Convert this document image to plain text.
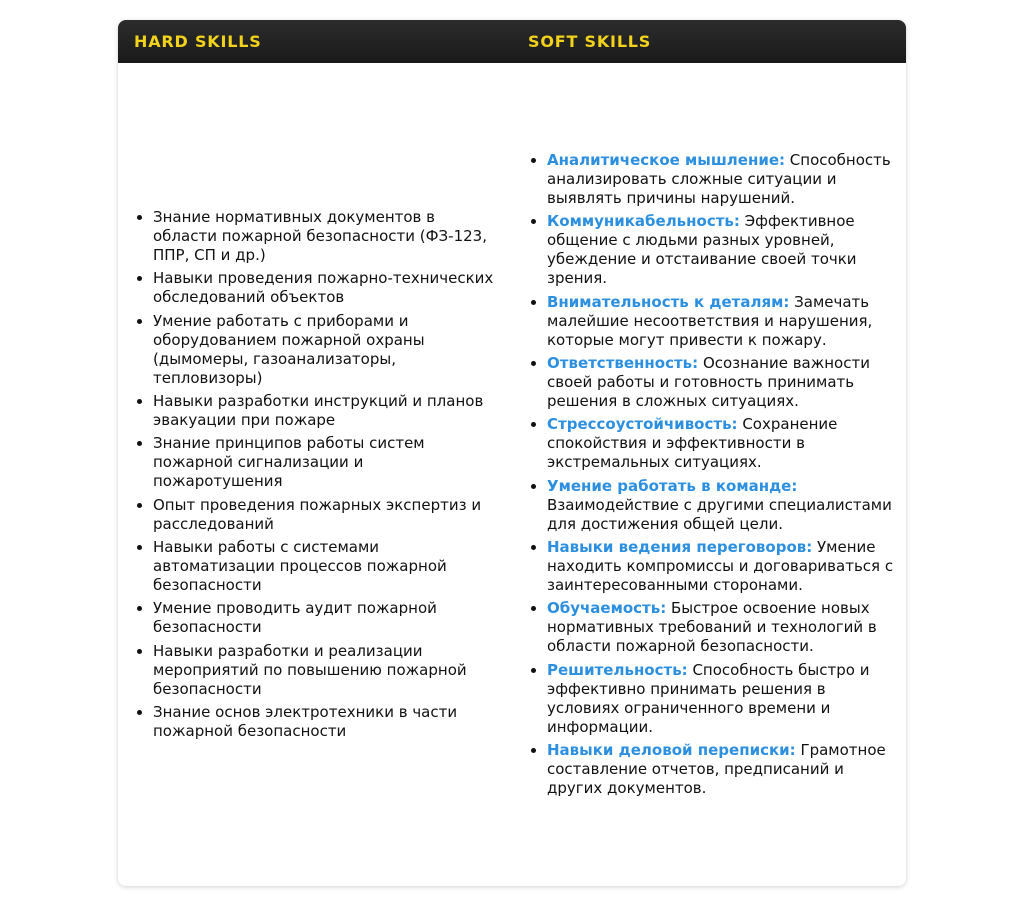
HARD SKILLS	SOFT SKILLS
• Знание нормативных документов в области пожарной безопасности (ФЗ-123, ППР, СП и др.)
• Навыки проведения пожарно-технических обследований объектов
• Умение работать с приборами и оборудованием пожарной охраны (дымомеры, газоанализаторы, тепловизоры)
• Навыки разработки инструкций и планов эвакуации при пожаре
• Знание принципов работы систем пожарной сигнализации и пожаротушения
• Опыт проведения пожарных экспертиз и расследований
• Навыки работы с системами автоматизации процессов пожарной безопасности
• Умение проводить аудит пожарной безопасности
• Навыки разработки и реализации мероприятий по повышению пожарной безопасности
• Знание основ электротехники в части пожарной безопасности
• Аналитическое мышление: Способность анализировать сложные ситуации и выявлять причины нарушений.
• Коммуникабельность: Эффективное общение с людьми разных уровней, убеждение и отстаивание своей точки зрения.
• Внимательность к деталям: Замечать малейшие несоответствия и нарушения, которые могут привести к пожару.
• Ответственность: Осознание важности своей работы и готовность принимать решения в сложных ситуациях.
• Стрессоустойчивость: Сохранение спокойствия и эффективности в экстремальных ситуациях.
• Умение работать в команде: Взаимодействие с другими специалистами для достижения общей цели.
• Навыки ведения переговоров: Умение находить компромиссы и договариваться с заинтересованными сторонами.
• Обучаемость: Быстрое освоение новых нормативных требований и технологий в области пожарной безопасности.
• Решительность: Способность быстро и эффективно принимать решения в условиях ограниченного времени и информации.
• Навыки деловой переписки: Грамотное составление отчетов, предписаний и других документов.
